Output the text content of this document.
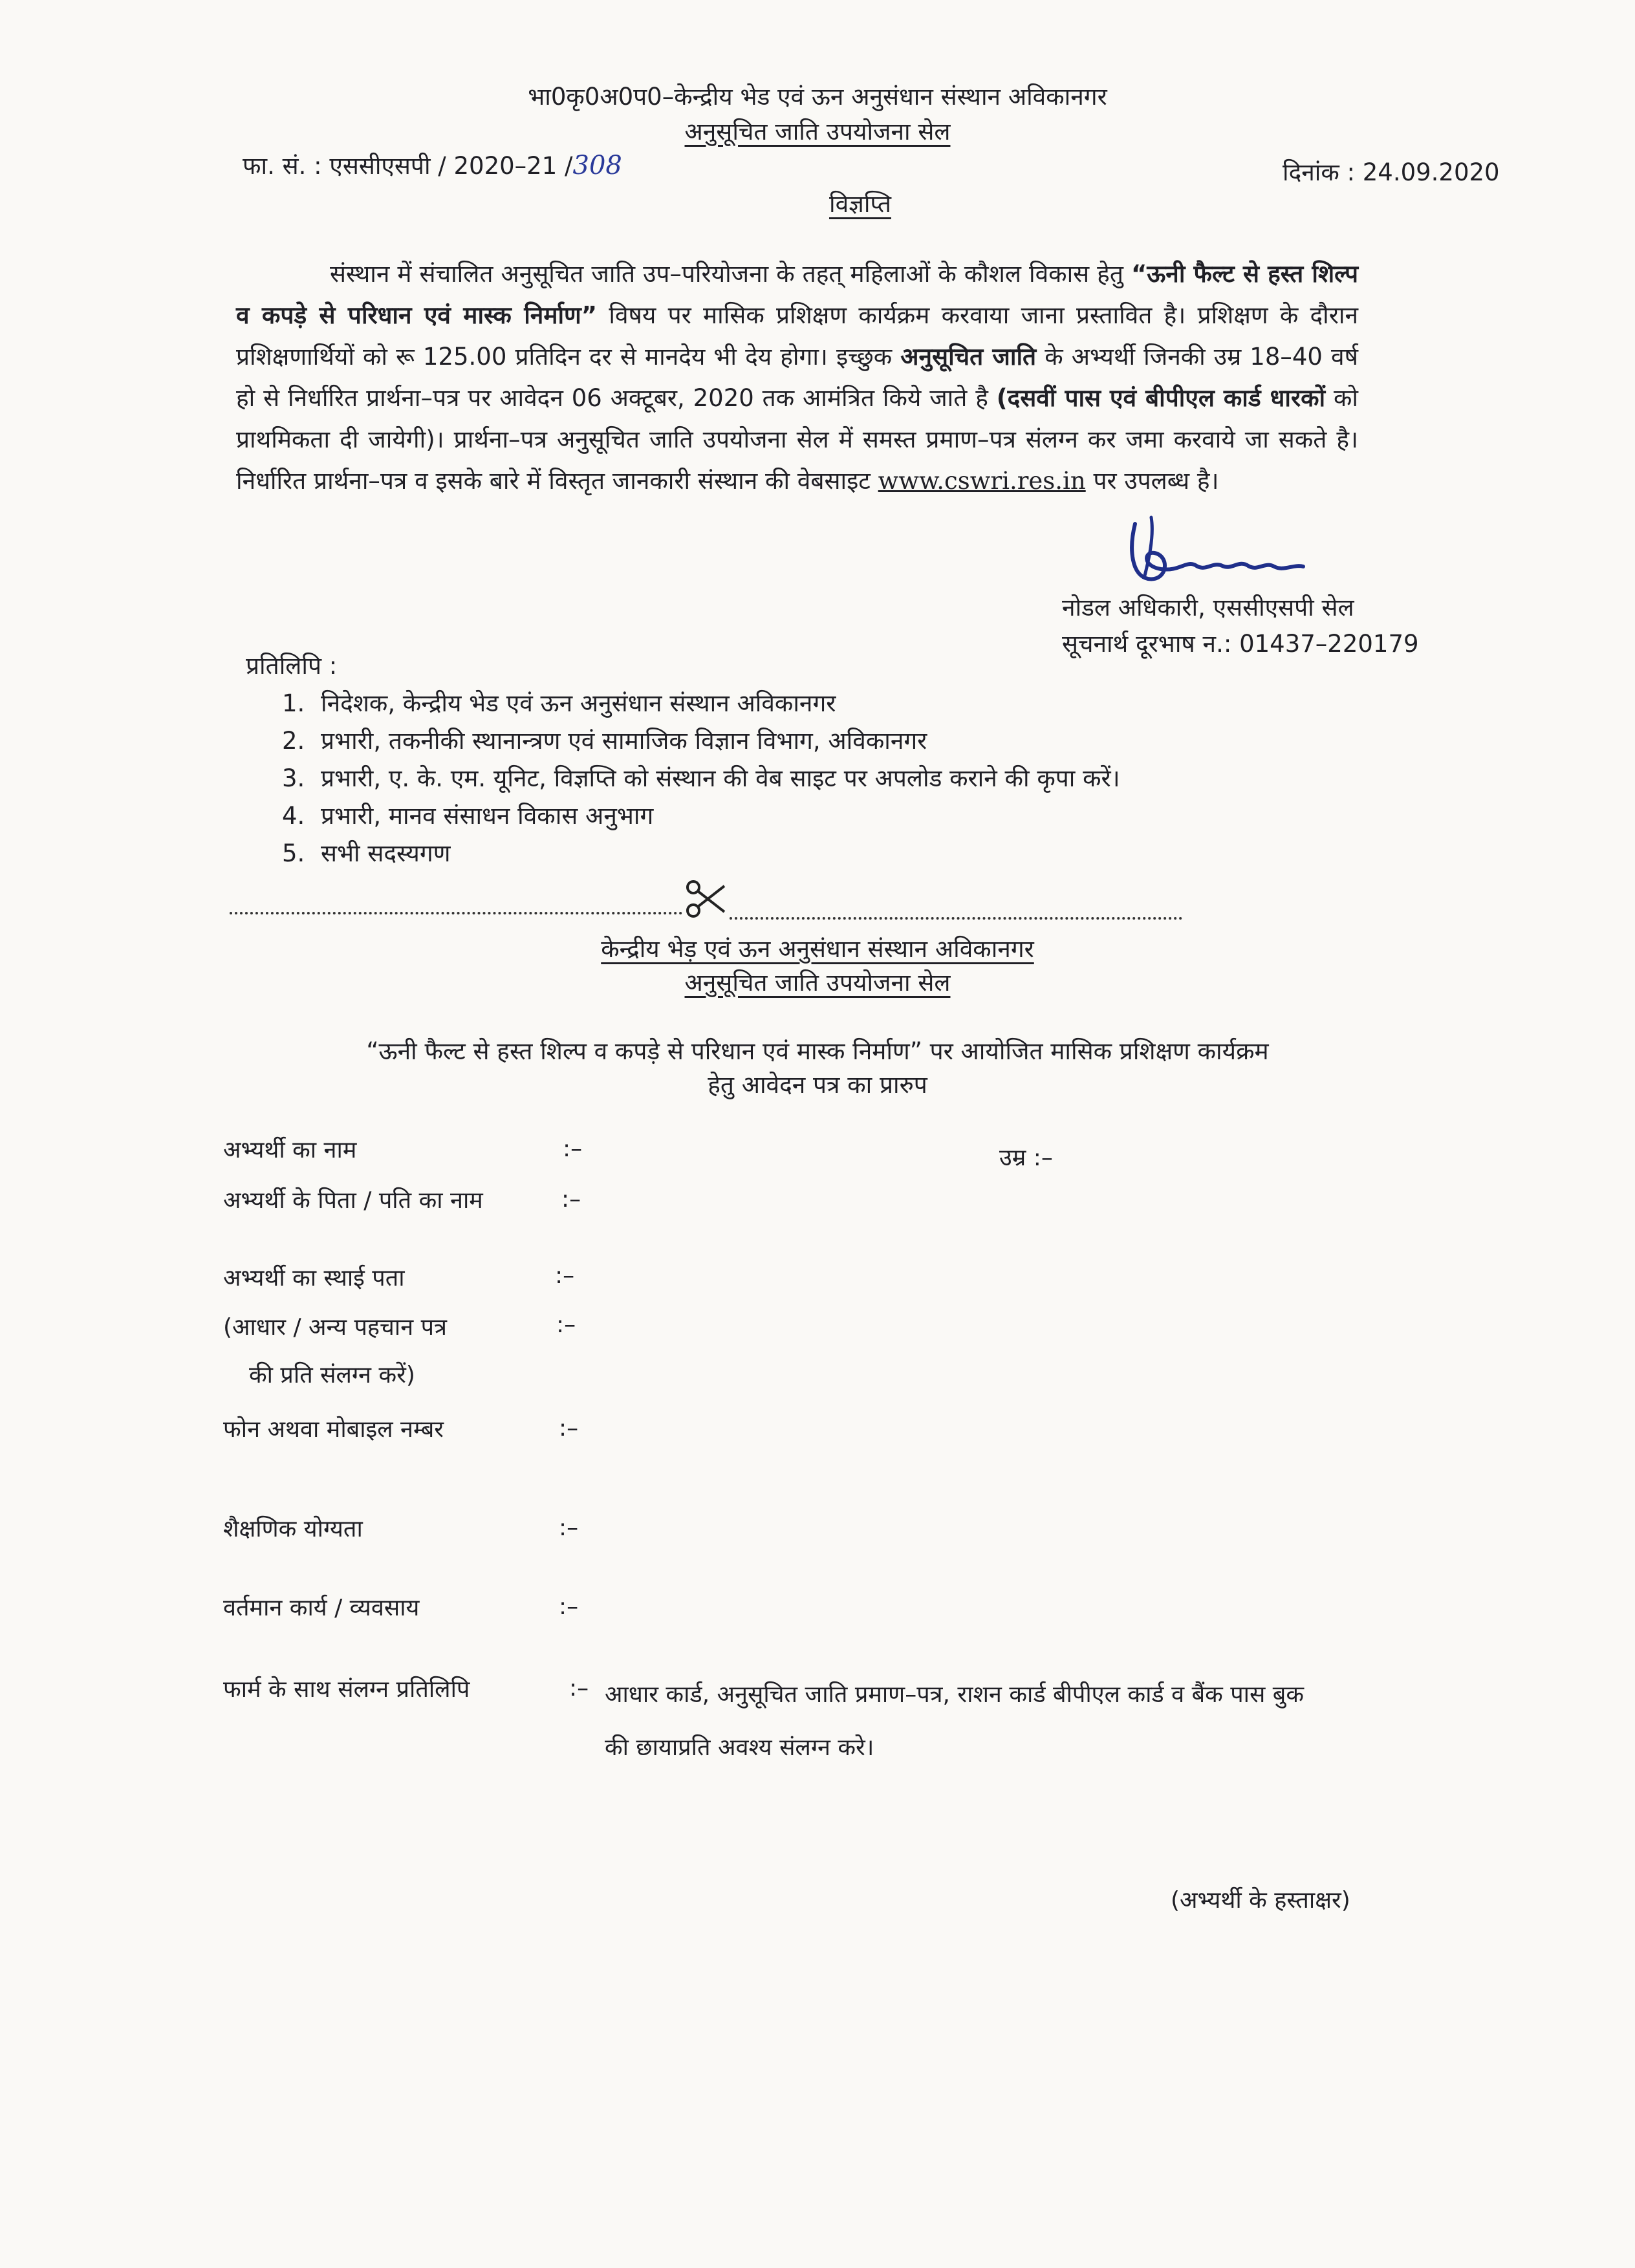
भा0कृ0अ0प0–केन्द्रीय भेड एवं ऊन अनुसंधान संस्थान अविकानगर
अनुसूचित जाति उपयोजना सेल
फा. सं. : एससीएसपी / 2020–21 /308	दिनांक : 24.09.2020
विज्ञप्ति
संस्थान में संचालित अनुसूचित जाति उप–परियोजना के तहत् महिलाओं के कौशल विकास हेतु “ऊनी फैल्ट से हस्त शिल्प व कपड़े से परिधान एवं मास्क निर्माण” विषय पर मासिक प्रशिक्षण कार्यक्रम करवाया जाना प्रस्तावित है। प्रशिक्षण के दौरान प्रशिक्षणार्थियों को रू 125.00 प्रतिदिन दर से मानदेय भी देय होगा। इच्छुक अनुसूचित जाति के अभ्यर्थी जिनकी उम्र 18–40 वर्ष हो से निर्धारित प्रार्थना–पत्र पर आवेदन 06 अक्टूबर, 2020 तक आमंत्रित किये जाते है (दसवीं पास एवं बीपीएल कार्ड धारकों को प्राथमिकता दी जायेगी)। प्रार्थना–पत्र अनुसूचित जाति उपयोजना सेल में समस्त प्रमाण–पत्र संलग्न कर जमा करवाये जा सकते है। निर्धारित प्रार्थना–पत्र व इसके बारे में विस्तृत जानकारी संस्थान की वेबसाइट www.cswri.res.in पर उपलब्ध है।
नोडल अधिकारी, एससीएसपी सेल
सूचनार्थ दूरभाष न.: 01437–220179
प्रतिलिपि :
1. निदेशक, केन्द्रीय भेड एवं ऊन अनुसंधान संस्थान अविकानगर
2. प्रभारी, तकनीकी स्थानान्त्रण एवं सामाजिक विज्ञान विभाग, अविकानगर
3. प्रभारी, ए. के. एम. यूनिट, विज्ञप्ति को संस्थान की वेब साइट पर अपलोड कराने की कृपा करें।
4. प्रभारी, मानव संसाधन विकास अनुभाग
5. सभी सदस्यगण
केन्द्रीय भेड़ एवं ऊन अनुसंधान संस्थान अविकानगर
अनुसूचित जाति उपयोजना सेल
“ऊनी फैल्ट से हस्त शिल्प व कपड़े से परिधान एवं मास्क निर्माण” पर आयोजित मासिक प्रशिक्षण कार्यक्रम
हेतु आवेदन पत्र का प्रारुप
अभ्यर्थी का नाम	:–	उम्र :–
अभ्यर्थी के पिता / पति का नाम	:–
अभ्यर्थी का स्थाई पता	:–
(आधार / अन्य पहचान पत्र	:–
की प्रति संलग्न करें)
फोन अथवा मोबाइल नम्बर	:–
शैक्षणिक योग्यता	:–
वर्तमान कार्य / व्यवसाय	:–
फार्म के साथ संलग्न प्रतिलिपि	:– आधार कार्ड, अनुसूचित जाति प्रमाण–पत्र, राशन कार्ड बीपीएल कार्ड व बैंक पास बुक
की छायाप्रति अवश्य संलग्न करे।
(अभ्यर्थी के हस्ताक्षर)
